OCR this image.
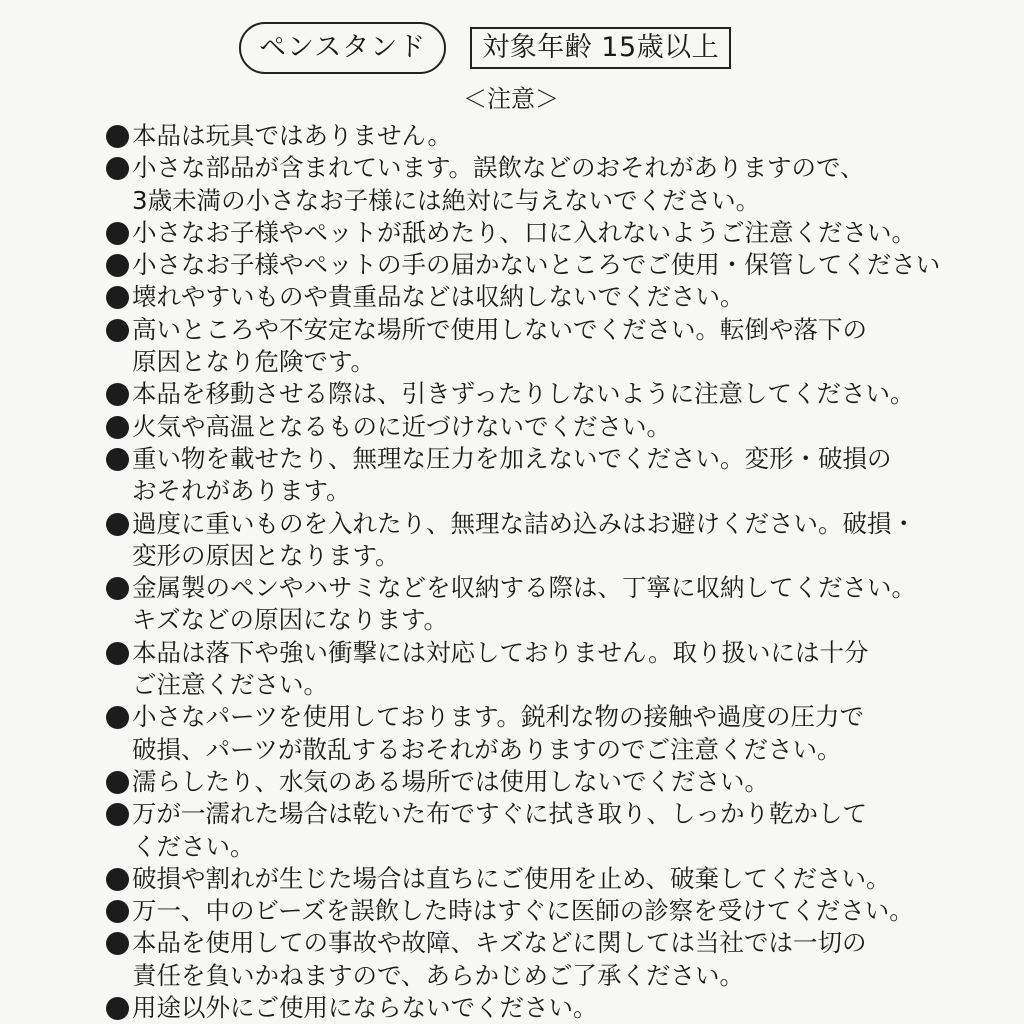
ペンスタンド	対象年齢 15歳以上
＜注意＞
本品は玩具ではありません。
小さな部品が含まれています。誤飲などのおそれがありますので、
3歳未満の小さなお子様には絶対に与えないでください。
小さなお子様やペットが舐めたり、口に入れないようご注意ください。
小さなお子様やペットの手の届かないところでご使用・保管してください
壊れやすいものや貴重品などは収納しないでください。
高いところや不安定な場所で使用しないでください。転倒や落下の
原因となり危険です。
本品を移動させる際は、引きずったりしないように注意してください。
火気や高温となるものに近づけないでください。
重い物を載せたり、無理な圧力を加えないでください。変形・破損の
おそれがあります。
過度に重いものを入れたり、無理な詰め込みはお避けください。破損・
変形の原因となります。
金属製のペンやハサミなどを収納する際は、丁寧に収納してください。
キズなどの原因になります。
本品は落下や強い衝撃には対応しておりません。取り扱いには十分
ご注意ください。
小さなパーツを使用しております。鋭利な物の接触や過度の圧力で
破損、パーツが散乱するおそれがありますのでご注意ください。
濡らしたり、水気のある場所では使用しないでください。
万が一濡れた場合は乾いた布ですぐに拭き取り、しっかり乾かして
ください。
破損や割れが生じた場合は直ちにご使用を止め、破棄してください。
万一、中のビーズを誤飲した時はすぐに医師の診察を受けてください。
本品を使用しての事故や故障、キズなどに関しては当社では一切の
責任を負いかねますので、あらかじめご了承ください。
用途以外にご使用にならないでください。
